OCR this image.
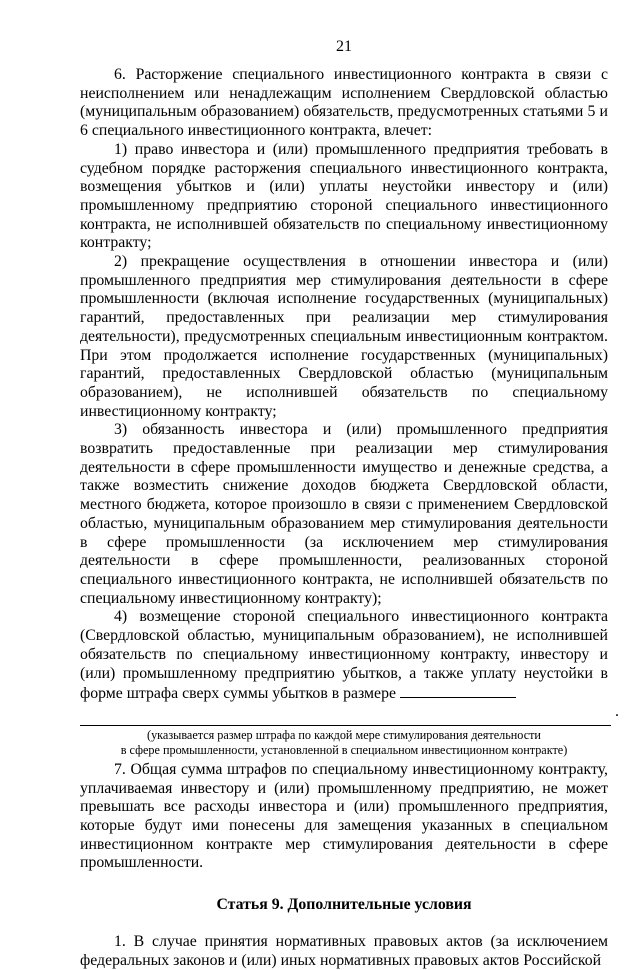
21

6. Расторжение специального инвестиционного контракта в связи с неисполнением или ненадлежащим исполнением Свердловской областью (муниципальным образованием) обязательств, предусмотренных статьями 5 и 6 специального инвестиционного контракта, влечет:

1) право инвестора и (или) промышленного предприятия требовать в судебном порядке расторжения специального инвестиционного контракта, возмещения убытков и (или) уплаты неустойки инвестору и (или) промышленному предприятию стороной специального инвестиционного контракта, не исполнившей обязательств по специальному инвестиционному контракту;

2) прекращение осуществления в отношении инвестора и (или) промышленного предприятия мер стимулирования деятельности в сфере промышленности (включая исполнение государственных (муниципальных) гарантий, предоставленных при реализации мер стимулирования деятельности), предусмотренных специальным инвестиционным контрактом. При этом продолжается исполнение государственных (муниципальных) гарантий, предоставленных Свердловской областью (муниципальным образованием), не исполнившей обязательств по специальному инвестиционному контракту;

3) обязанность инвестора и (или) промышленного предприятия возвратить предоставленные при реализации мер стимулирования деятельности в сфере промышленности имущество и денежные средства, а также возместить снижение доходов бюджета Свердловской области, местного бюджета, которое произошло в связи с применением Свердловской областью, муниципальным образованием мер стимулирования деятельности в сфере промышленности (за исключением мер стимулирования деятельности в сфере промышленности, реализованных стороной специального инвестиционного контракта, не исполнившей обязательств по специальному инвестиционному контракту);

4) возмещение стороной специального инвестиционного контракта (Свердловской областью, муниципальным образованием), не исполнившей обязательств по специальному инвестиционному контракту, инвестору и (или) промышленному предприятию убытков, а также уплату неустойки в форме штрафа сверх суммы убытков в размере

.

(указывается размер штрафа по каждой мере стимулирования деятельности

в сфере промышленности, установленной в специальном инвестиционном контракте)

7. Общая сумма штрафов по специальному инвестиционному контракту, уплачиваемая инвестору и (или) промышленному предприятию, не может превышать все расходы инвестора и (или) промышленного предприятия, которые будут ими понесены для замещения указанных в специальном инвестиционном контракте мер стимулирования деятельности в сфере промышленности.

Статья 9. Дополнительные условия

1. В случае принятия нормативных правовых актов (за исключением федеральных законов и (или) иных нормативных правовых актов Российской
